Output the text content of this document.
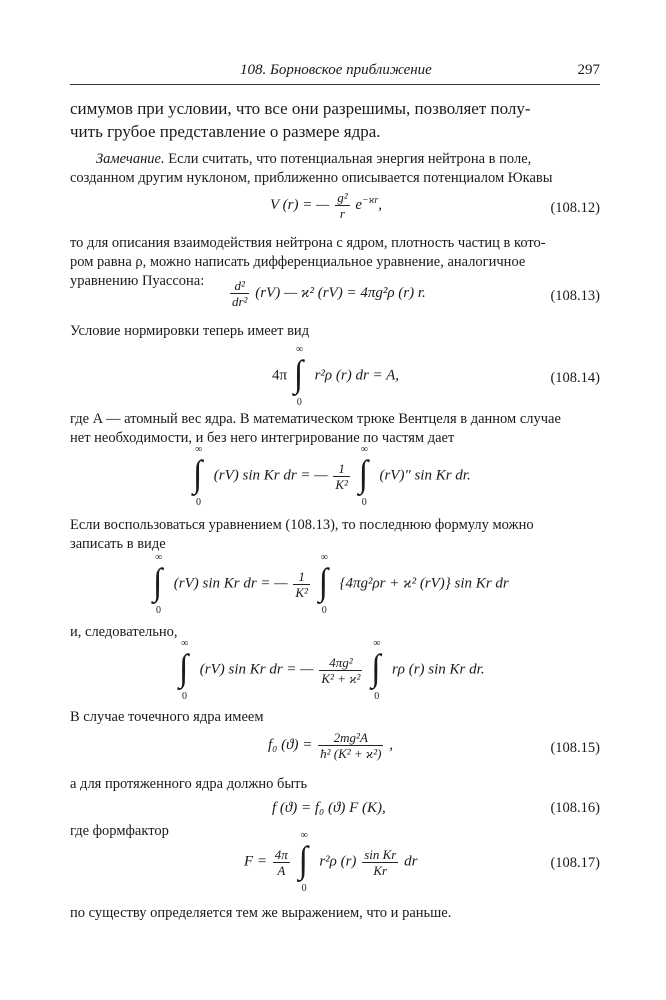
108. Борновское приближение	297
симумов при условии, что все они разрешимы, позволяет полу-
чить грубое представление о размере ядра.
Замечание. Если считать, что потенциальная энергия нейтрона в поле,
созданном другим нуклоном, приближенно описывается потенциалом Юкавы
V (r) = — $\frac{\text{g²}}{r} e^{-ϰr}$,	(108.12)
то для описания взаимодействия нейтрона с ядром, плотность частиц в кото-
ром равна ρ, можно написать дифференциальное уравнение, аналогичное
уравнению Пуассона:	$\frac{\text{d²}}{\text{dr²}} (rV)$ — ϰ² (rV) = 4πg²ρ (r) r.	(108.13)
Условие нормировки теперь имеет вид
4π
∞
∫
0
r²ρ (r) dr = A,	(108.14)
где A — атомный вес ядра. В математическом трюке Вентцеля в данном случае
нет необходимости, и без него интегрирование по частям дает
∞
∫
0
(rV) sin Kr dr = — $\frac{1}{\text{K²}}$

∞
∫
0
(rV)″ sin Kr dr.
Если воспользоваться уравнением (108.13), то последнюю формулу можно
записать в виде
∞
∫
0
(rV) sin Kr dr = — $\frac{1}{\text{K²}}$

∞
∫
0
{4πg²ρr + ϰ² (rV)} sin Kr dr
и, следовательно,
∞
∫
0
(rV) sin Kr dr = — $\frac{\text{4πg²}}{\text{K² + ϰ²}}$

∞
∫
0
rρ (r) sin Kr dr.
В случае точечного ядра имеем
f₀ $(ϑ) = \frac{\text{2mg²A}}{\text{ħ² (K² + ϰ²)}}$ ,	(108.15)
а для протяженного ядра должно быть
f (ϑ) = f₀ (ϑ) F (K),	(108.16)
где формфактор
$F = \frac{4\pi}{A}$

∞
∫
0
r²ρ $(r) \frac{\text{sin Kr}}{Kr}$ dr	(108.17)
по существу определяется тем же выражением, что и раньше.
